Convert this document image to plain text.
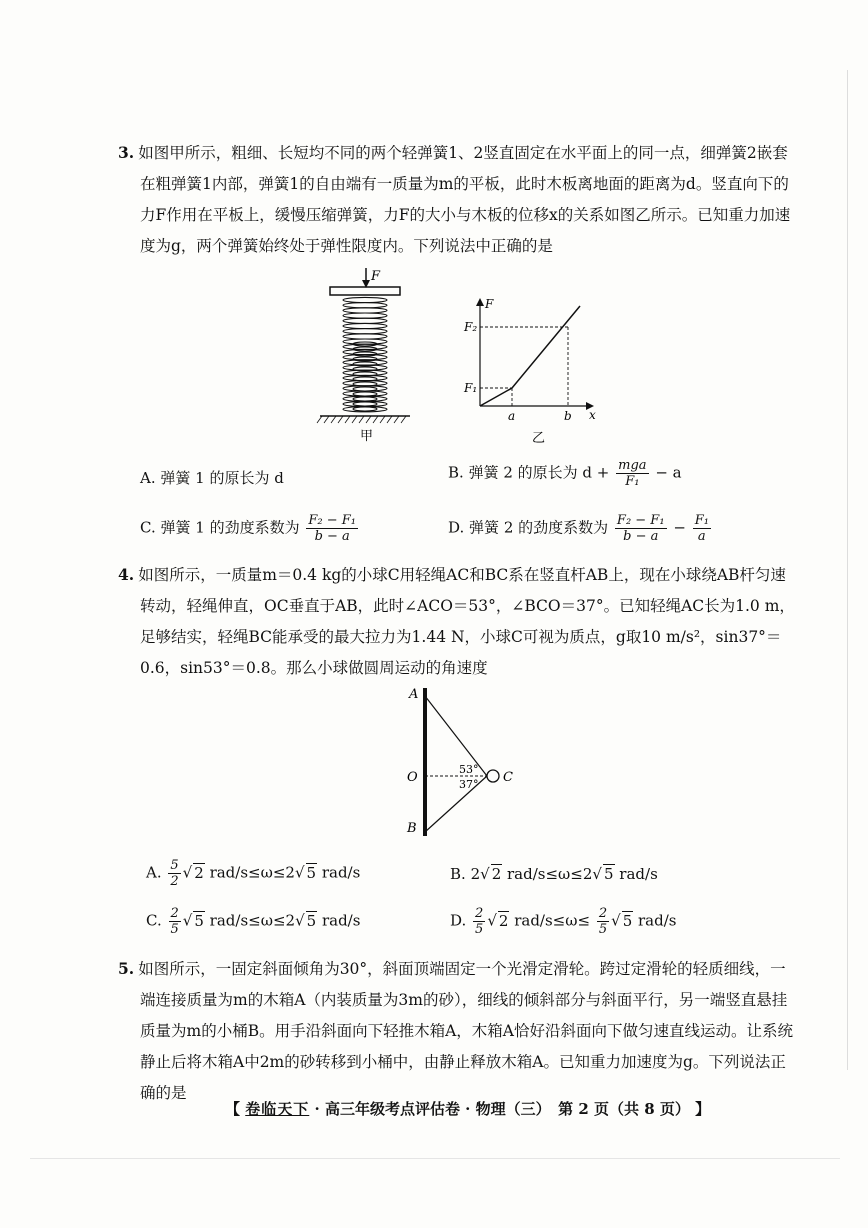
3. 如图甲所示，粗细、长短均不同的两个轻弹簧1、2竖直固定在水平面上的同一点，细弹簧2嵌套在粗弹簧1内部，弹簧1的自由端有一质量为m的平板，此时木板离地面的距离为d。竖直向下的力F作用在平板上，缓慢压缩弹簧，力F的大小与木板的位移x的关系如图乙所示。已知重力加速度为g，两个弹簧始终处于弹性限度内。下列说法中正确的是

F
甲
F
x
F₁
F₂
a	b
乙
A. 弹簧 1 的原长为 d	B. 弹簧 2 的原长为 $d + \frac{\text{mga}}{\text{F₁}} - a$
C. 弹簧 1 的劲度系数为 $\frac{\text{F₂ − F₁}}{b - a}$	D. 弹簧 2 的劲度系数为 $\frac{\text{F₂ − F₁}}{b - a} - \frac{\text{F₁}}{a}$

4. 如图所示，一质量m＝0.4 kg的小球C用轻绳AC和BC系在竖直杆AB上，现在小球绕AB杆匀速转动，轻绳伸直，OC垂直于AB，此时∠ACO＝53°，∠BCO＝37°。已知轻绳AC长为1.0 m，足够结实，轻绳BC能承受的最大拉力为1.44 N，小球C可视为质点，g取10 m/s²，sin37°＝0.6，sin53°＝0.8。那么小球做圆周运动的角速度

A
O
B
C
53°
37°
A. $\frac{5}{2}$ √ 2 rad/s≤ω≤2√ 5 rad/s	B. 2√ 2 rad/s≤ω≤2√ 5 rad/s
C. $\frac{2}{5}$ √ 5 rad/s≤ω≤2√ 5 rad/s	D. $\frac{2}{5}$ √ 2 $rad/s\le\omega\le \frac{2}{5}$ √ 5 rad/s

5. 如图所示，一固定斜面倾角为30°，斜面顶端固定一个光滑定滑轮。跨过定滑轮的轻质细线，一端连接质量为m的木箱A（内装质量为3m的砂），细线的倾斜部分与斜面平行，另一端竖直悬挂质量为m的小桶B。用手沿斜面向下轻推木箱A，木箱A恰好沿斜面向下做匀速直线运动。让系统静止后将木箱A中2m的砂转移到小桶中，由静止释放木箱A。已知重力加速度为g。下列说法正确的是

【 卷临天下 · 高三年级考点评估卷 · 物理（三）　第 2 页（共 8 页） 】
